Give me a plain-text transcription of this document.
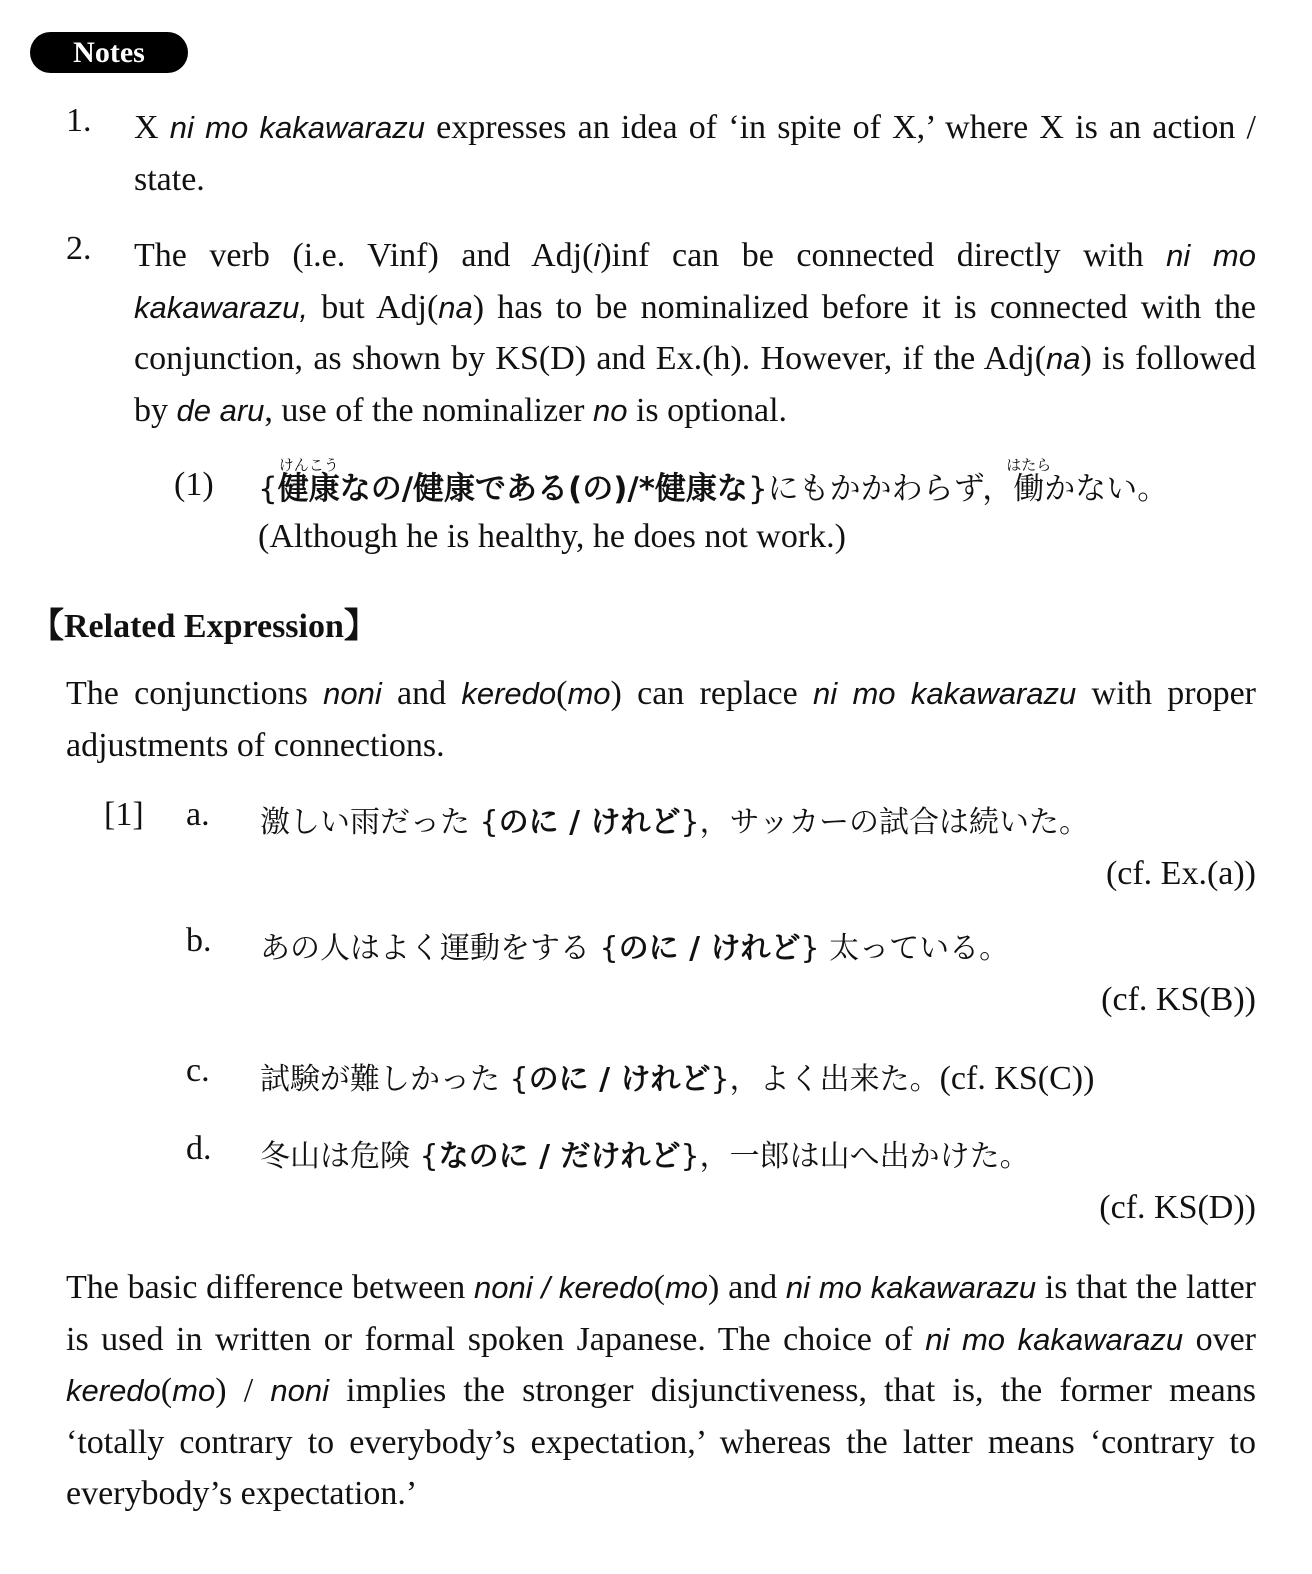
Notes
1. X ni mo kakawarazu expresses an idea of ‘in spite of X,’ where X is an action / state.
2. The verb (i.e. Vinf) and Adj(i)inf can be connected directly with ni mo kakawarazu, but Adj(na) has to be nominalized before it is connected with the conjunction, as shown by KS(D) and Ex.(h). However, if the Adj(na) is followed by de aru, use of the nominalizer no is optional.
(1) {
けんこう
健康なの/健康である(の)/*健康な}にもかかわらず，
はたら
働かない。
(Although he is healthy, he does not work.)
【Related Expression】
The conjunctions noni and keredo(mo) can replace ni mo kakawarazu with proper adjustments of connections.
[1] a. 激しい雨だった {のに / けれど}，サッカーの試合は続いた。
(cf. Ex.(a))
b. あの人はよく運動をする {のに / けれど} 太っている。
(cf. KS(B))
c. 試験が難しかった {のに / けれど}，よく出来た。(cf. KS(C))
d. 冬山は危険 {なのに / だけれど}，一郎は山へ出かけた。
(cf. KS(D))
The basic difference between noni / keredo(mo) and ni mo kakawarazu is that the latter is used in written or formal spoken Japanese. The choice of ni mo kakawarazu over keredo(mo) / noni implies the stronger disjunctiveness, that is, the former means ‘totally contrary to everybody’s expectation,’ whereas the latter means ‘contrary to everybody’s expectation.’
